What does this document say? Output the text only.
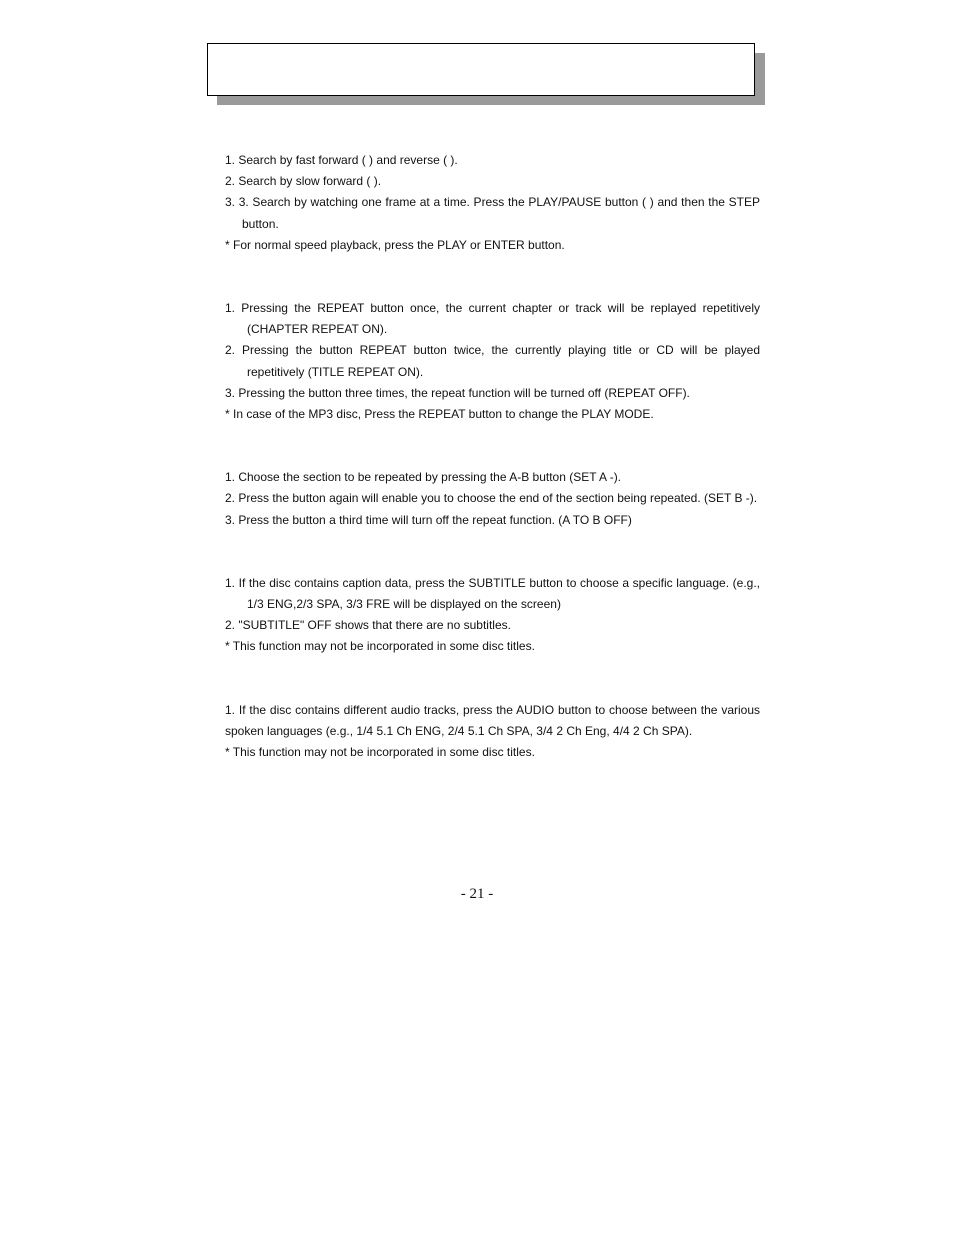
1. Search by fast forward ( ) and reverse ( ).

2. Search by slow forward ( ).

3. 3. Search by watching one frame at a time. Press the PLAY/PAUSE button ( ) and then the STEP button.

* For normal speed playback, press the PLAY or ENTER button.

1. Pressing the REPEAT button once, the current chapter or track will be replayed repetitively (CHAPTER REPEAT ON).

2. Pressing the button REPEAT button twice, the currently playing title or CD will be played repetitively (TITLE REPEAT ON).

3. Pressing the button three times, the repeat function will be turned off (REPEAT OFF).

* In case of the MP3 disc, Press the REPEAT button to change the PLAY MODE.

1. Choose the section to be repeated by pressing the A-B button (SET A -).

2. Press the button again will enable you to choose the end of the section being repeated. (SET B -).

3. Press the button a third time will turn off the repeat function. (A TO B OFF)

1. If the disc contains caption data, press the SUBTITLE button to choose a specific language. (e.g., 1/3 ENG,2/3 SPA, 3/3 FRE will be displayed on the screen)

2. "SUBTITLE" OFF shows that there are no subtitles.

* This function may not be incorporated in some disc titles.

1. If the disc contains different audio tracks, press the AUDIO button to choose between the various spoken languages (e.g., 1/4 5.1 Ch ENG, 2/4 5.1 Ch SPA, 3/4 2 Ch Eng, 4/4 2 Ch SPA).

* This function may not be incorporated in some disc titles.

- 21 -
